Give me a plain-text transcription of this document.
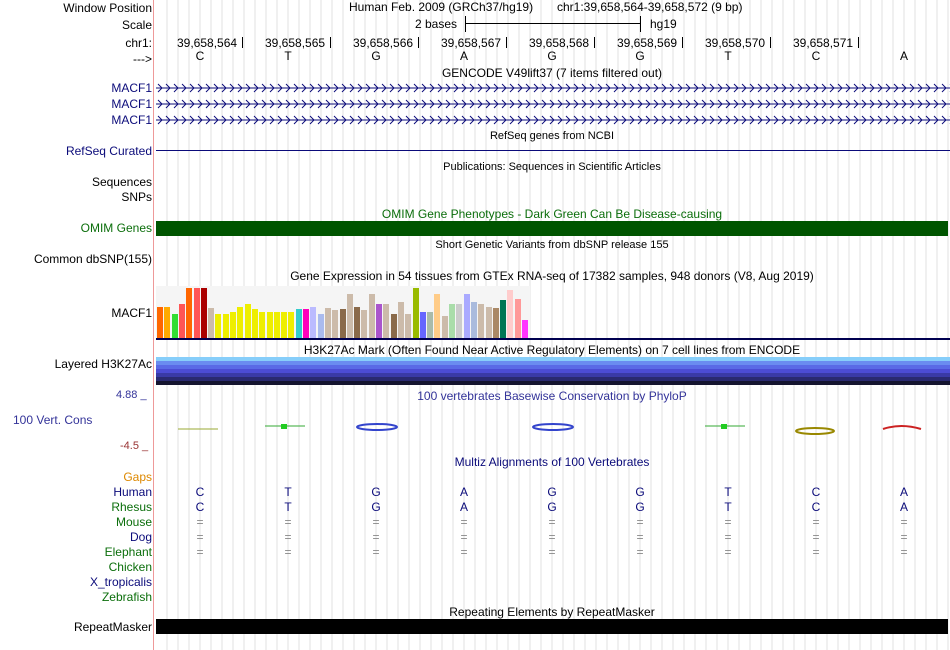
Window Position
Scale
chr1:
--->
Human Feb. 2009 (GRCh37/hg19) chr1:39,658,564-39,658,572 (9 bp)
2 bases	hg19
39,658,564 39,658,565 39,658,566 39,658,567 39,658,568 39,658,569 39,658,570 39,658,571
C	T	G	A	G	G	T	C	A
GENCODE V49lift37 (7 items filtered out)
MACF1
MACF1
MACF1
RefSeq genes from NCBI
RefSeq Curated
Publications: Sequences in Scientific Articles
Sequences
SNPs
OMIM Gene Phenotypes - Dark Green Can Be Disease-causing
OMIM Genes
Short Genetic Variants from dbSNP release 155
Common dbSNP(155)
Gene Expression in 54 tissues from GTEx RNA-seq of 17382 samples, 948 donors (V8, Aug 2019)
MACF1
H3K27Ac Mark (Often Found Near Active Regulatory Elements) on 7 cell lines from ENCODE
Layered H3K27Ac
100 vertebrates Basewise Conservation by PhyloP
4.88 _
100 Vert. Cons
-4.5 _
Multiz Alignments of 100 Vertebrates
Gaps
Human	C	T	G	A	G	G	T	C	A
Rhesus	C	T	G	A	G	G	T	C	A
Mouse	=	=	=	=	=	=	=	=	=
Dog	=	=	=	=	=	=	=	=	=
Elephant	=	=	=	=	=	=	=	=	=
Chicken
X_tropicalis
Zebrafish
Repeating Elements by RepeatMasker
RepeatMasker
